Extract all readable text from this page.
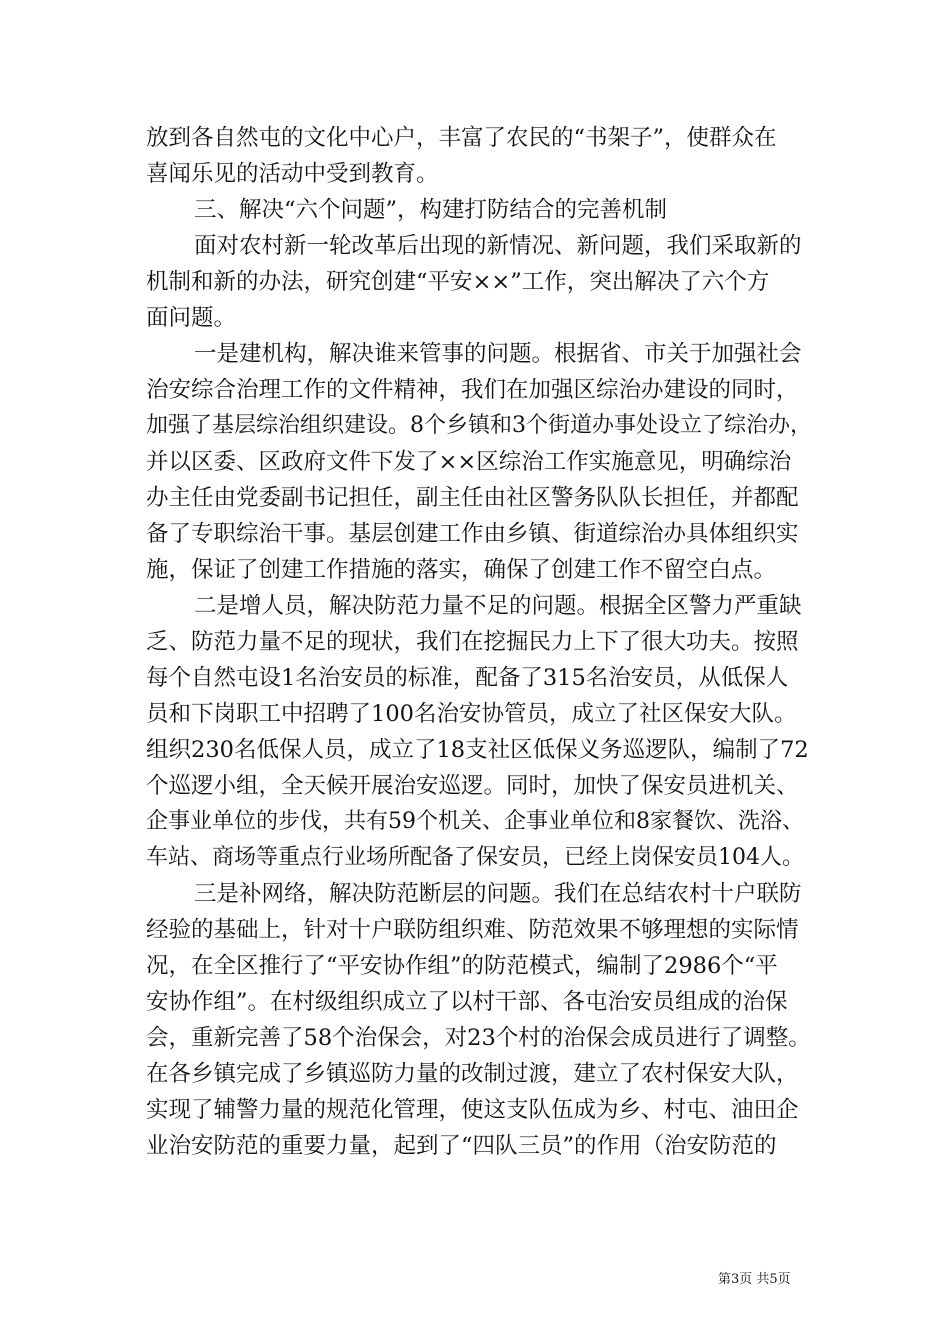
放到各自然屯的文化中心户，丰富了农民的“书架子”，使群众在
喜闻乐见的活动中受到教育。
三、解决“六个问题”，构建打防结合的完善机制
面对农村新一轮改革后出现的新情况、新问题，我们采取新的
机制和新的办法，研究创建“平安××”工作，突出解决了六个方
面问题。
一是建机构，解决谁来管事的问题。根据省、市关于加强社会
治安综合治理工作的文件精神，我们在加强区综治办建设的同时，
加强了基层综治组织建设。8个乡镇和3个街道办事处设立了综治办，
并以区委、区政府文件下发了××区综治工作实施意见，明确综治
办主任由党委副书记担任，副主任由社区警务队队长担任，并都配
备了专职综治干事。基层创建工作由乡镇、街道综治办具体组织实
施，保证了创建工作措施的落实，确保了创建工作不留空白点。
二是增人员，解决防范力量不足的问题。根据全区警力严重缺
乏、防范力量不足的现状，我们在挖掘民力上下了很大功夫。按照
每个自然屯设1名治安员的标准，配备了315名治安员，从低保人
员和下岗职工中招聘了100名治安协管员，成立了社区保安大队。
组织230名低保人员，成立了18支社区低保义务巡逻队，编制了72
个巡逻小组，全天候开展治安巡逻。同时，加快了保安员进机关、
企事业单位的步伐，共有59个机关、企事业单位和8家餐饮、洗浴、
车站、商场等重点行业场所配备了保安员，已经上岗保安员104人。
三是补网络，解决防范断层的问题。我们在总结农村十户联防
经验的基础上，针对十户联防组织难、防范效果不够理想的实际情
况，在全区推行了“平安协作组”的防范模式，编制了2986个“平
安协作组”。在村级组织成立了以村干部、各屯治安员组成的治保
会，重新完善了58个治保会，对23个村的治保会成员进行了调整。
在各乡镇完成了乡镇巡防力量的改制过渡，建立了农村保安大队，
实现了辅警力量的规范化管理，使这支队伍成为乡、村屯、油田企
业治安防范的重要力量，起到了“四队三员”的作用（治安防范的
第3页 共5页
